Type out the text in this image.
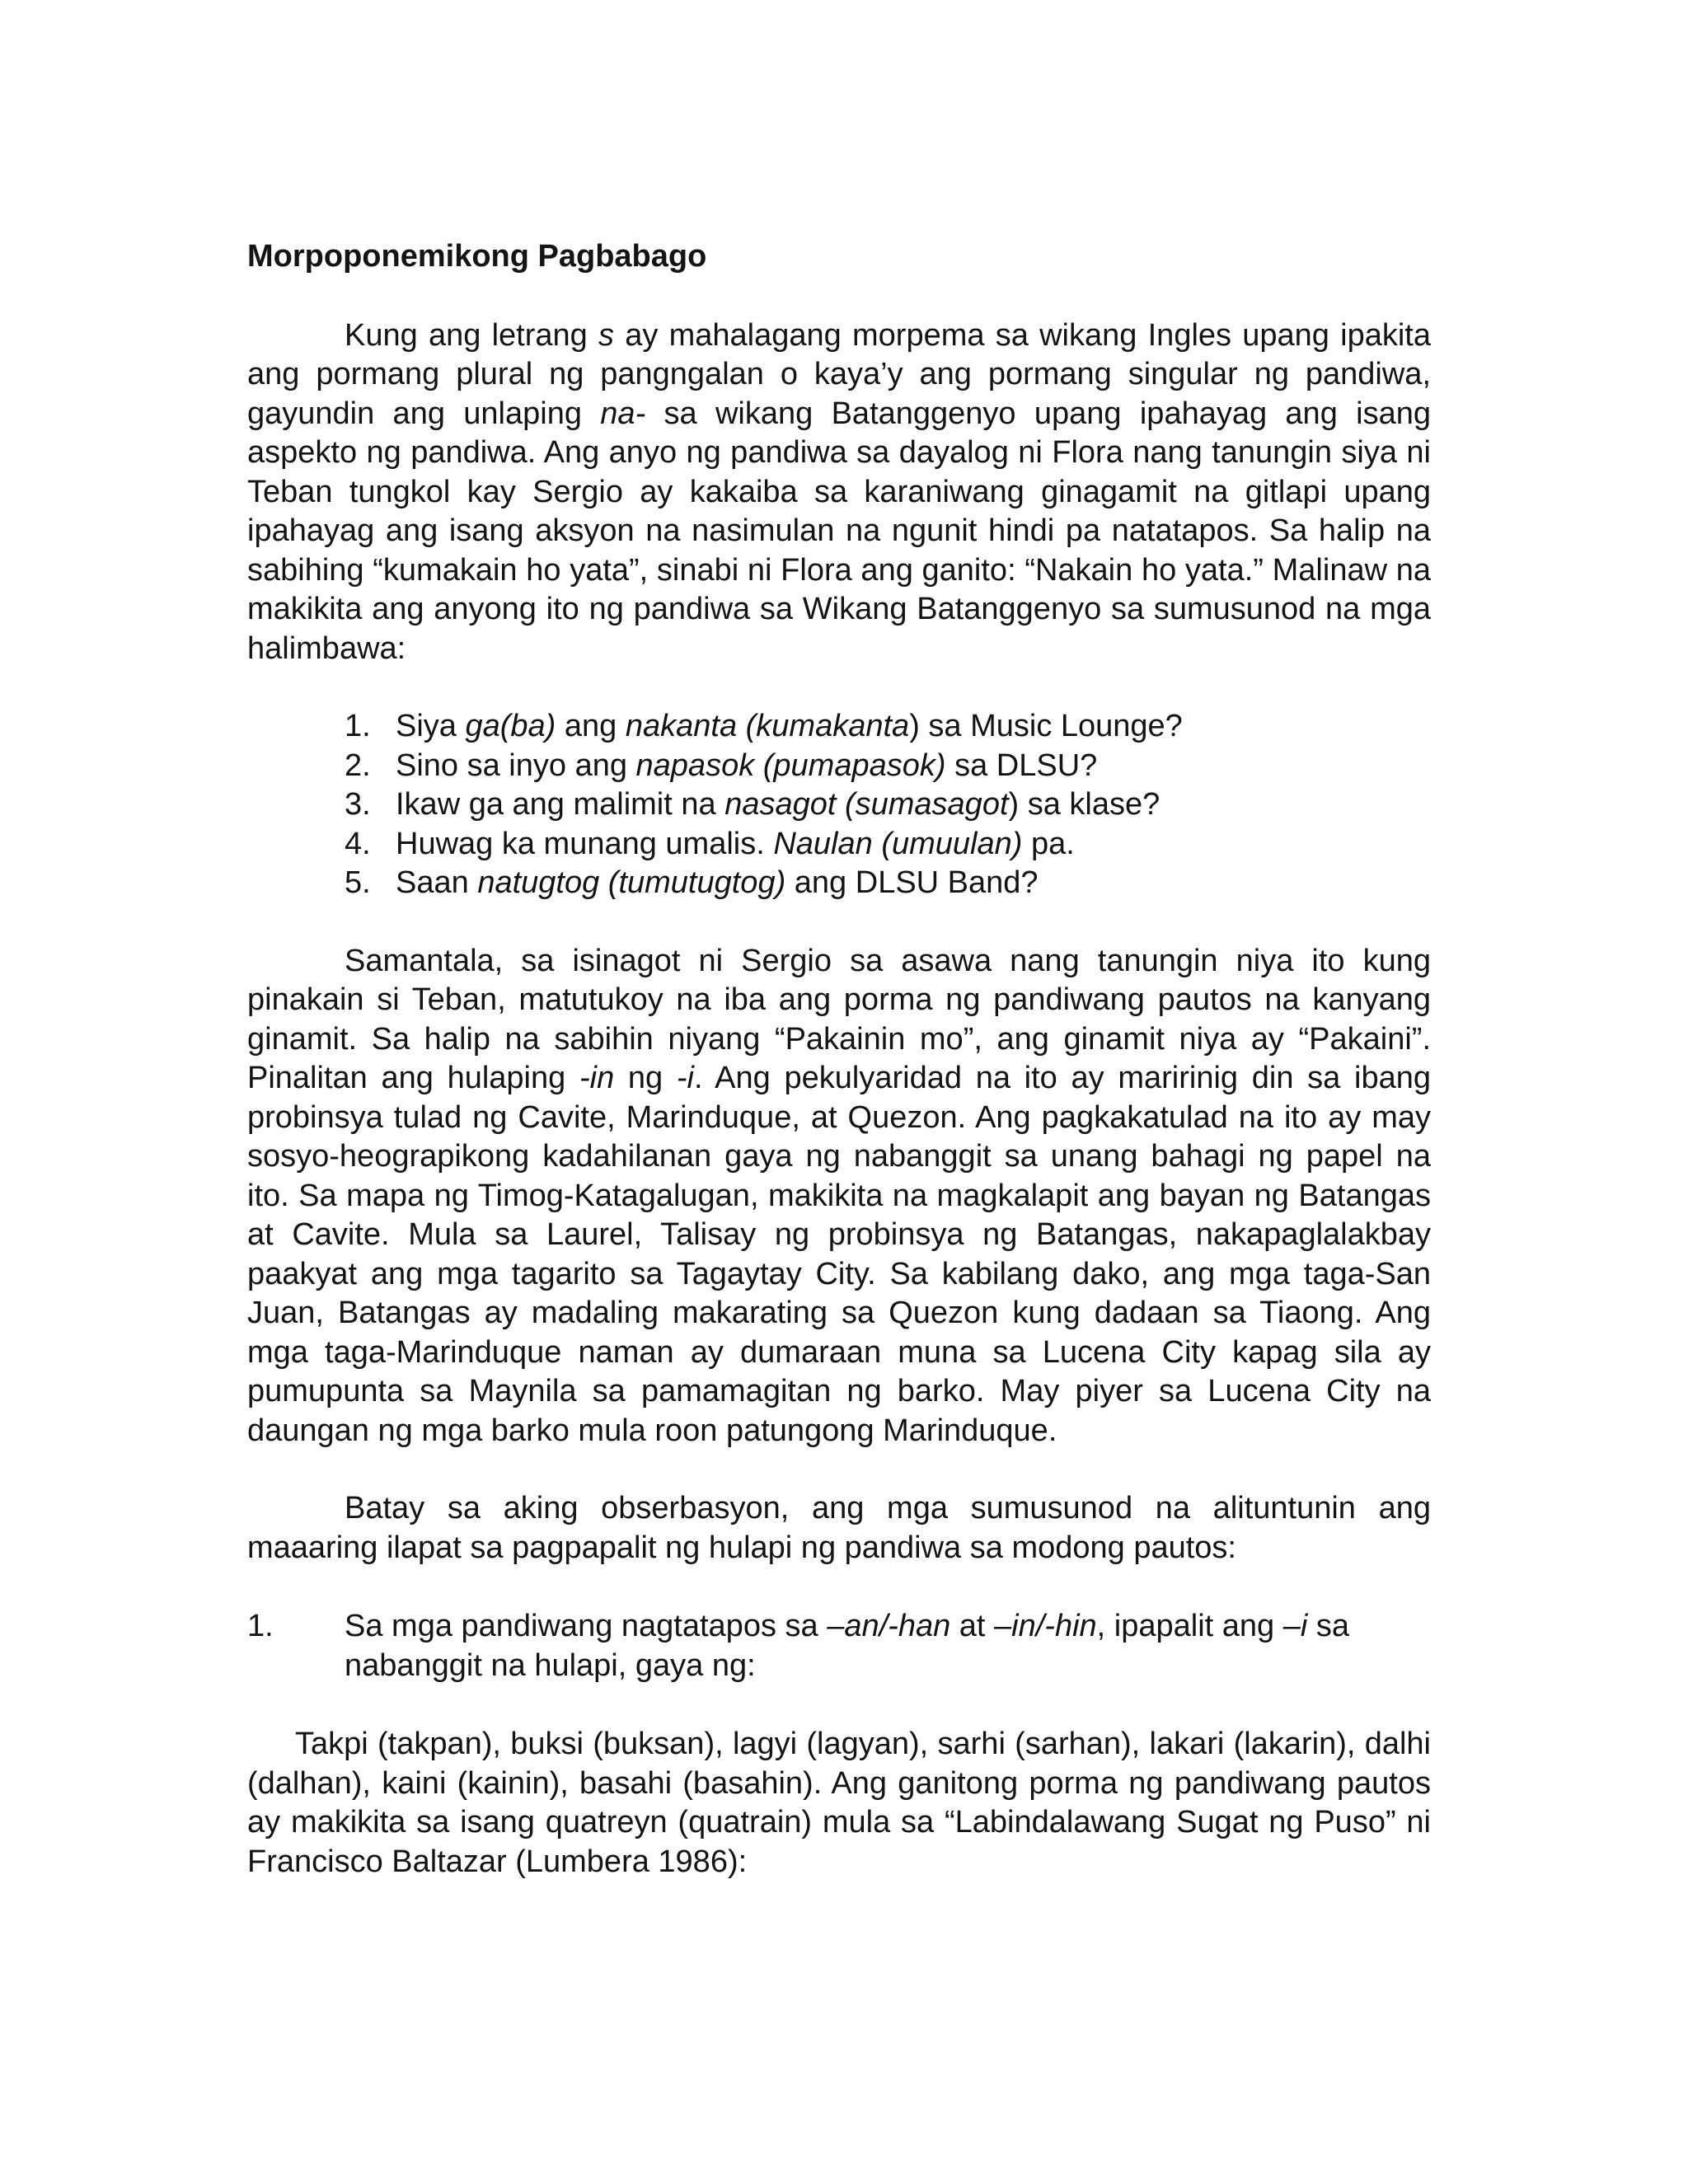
Morpoponemikong Pagbabago

Kung ang letrang s ay mahalagang morpema sa wikang Ingles upang ipakita ang pormang plural ng pangngalan o kaya’y ang pormang singular ng pandiwa, gayundin ang unlaping na- sa wikang Batanggenyo upang ipahayag ang isang aspekto ng pandiwa. Ang anyo ng pandiwa sa dayalog ni Flora nang tanungin siya ni Teban tungkol kay Sergio ay kakaiba sa karaniwang ginagamit na gitlapi upang ipahayag ang isang aksyon na nasimulan na ngunit hindi pa natatapos. Sa halip na sabihing “kumakain ho yata”, sinabi ni Flora ang ganito: “Nakain ho yata.” Malinaw na makikita ang anyong ito ng pandiwa sa Wikang Batanggenyo sa sumusunod na mga halimbawa:

1. Siya ga(ba) ang nakanta (kumakanta) sa Music Lounge?
2. Sino sa inyo ang napasok (pumapasok) sa DLSU?
3. Ikaw ga ang malimit na nasagot (sumasagot) sa klase?
4. Huwag ka munang umalis. Naulan (umuulan) pa.
5. Saan natugtog (tumutugtog) ang DLSU Band?

Samantala, sa isinagot ni Sergio sa asawa nang tanungin niya ito kung pinakain si Teban, matutukoy na iba ang porma ng pandiwang pautos na kanyang ginamit. Sa halip na sabihin niyang “Pakainin mo”, ang ginamit niya ay “Pakaini”. Pinalitan ang hulaping -in ng -i. Ang pekulyaridad na ito ay maririnig din sa ibang probinsya tulad ng Cavite, Marinduque, at Quezon. Ang pagkakatulad na ito ay may sosyo-heograpikong kadahilanan gaya ng nabanggit sa unang bahagi ng papel na ito. Sa mapa ng Timog-Katagalugan, makikita na magkalapit ang bayan ng Batangas at Cavite. Mula sa Laurel, Talisay ng probinsya ng Batangas, nakapaglalakbay paakyat ang mga tagarito sa Tagaytay City. Sa kabilang dako, ang mga taga-San Juan, Batangas ay madaling makarating sa Quezon kung dadaan sa Tiaong. Ang mga taga-Marinduque naman ay dumaraan muna sa Lucena City kapag sila ay pumupunta sa Maynila sa pamamagitan ng barko. May piyer sa Lucena City na daungan ng mga barko mula roon patungong Marinduque.

Batay sa aking obserbasyon, ang mga sumusunod na alituntunin ang maaaring ilapat sa pagpapalit ng hulapi ng pandiwa sa modong pautos:

1.	Sa mga pandiwang nagtatapos sa –an/-han at –in/-hin, ipapalit ang –i sa nabanggit na hulapi, gaya ng:

Takpi (takpan), buksi (buksan), lagyi (lagyan), sarhi (sarhan), lakari (lakarin), dalhi (dalhan), kaini (kainin), basahi (basahin). Ang ganitong porma ng pandiwang pautos ay makikita sa isang quatreyn (quatrain) mula sa “Labindalawang Sugat ng Puso” ni Francisco Baltazar (Lumbera 1986):
